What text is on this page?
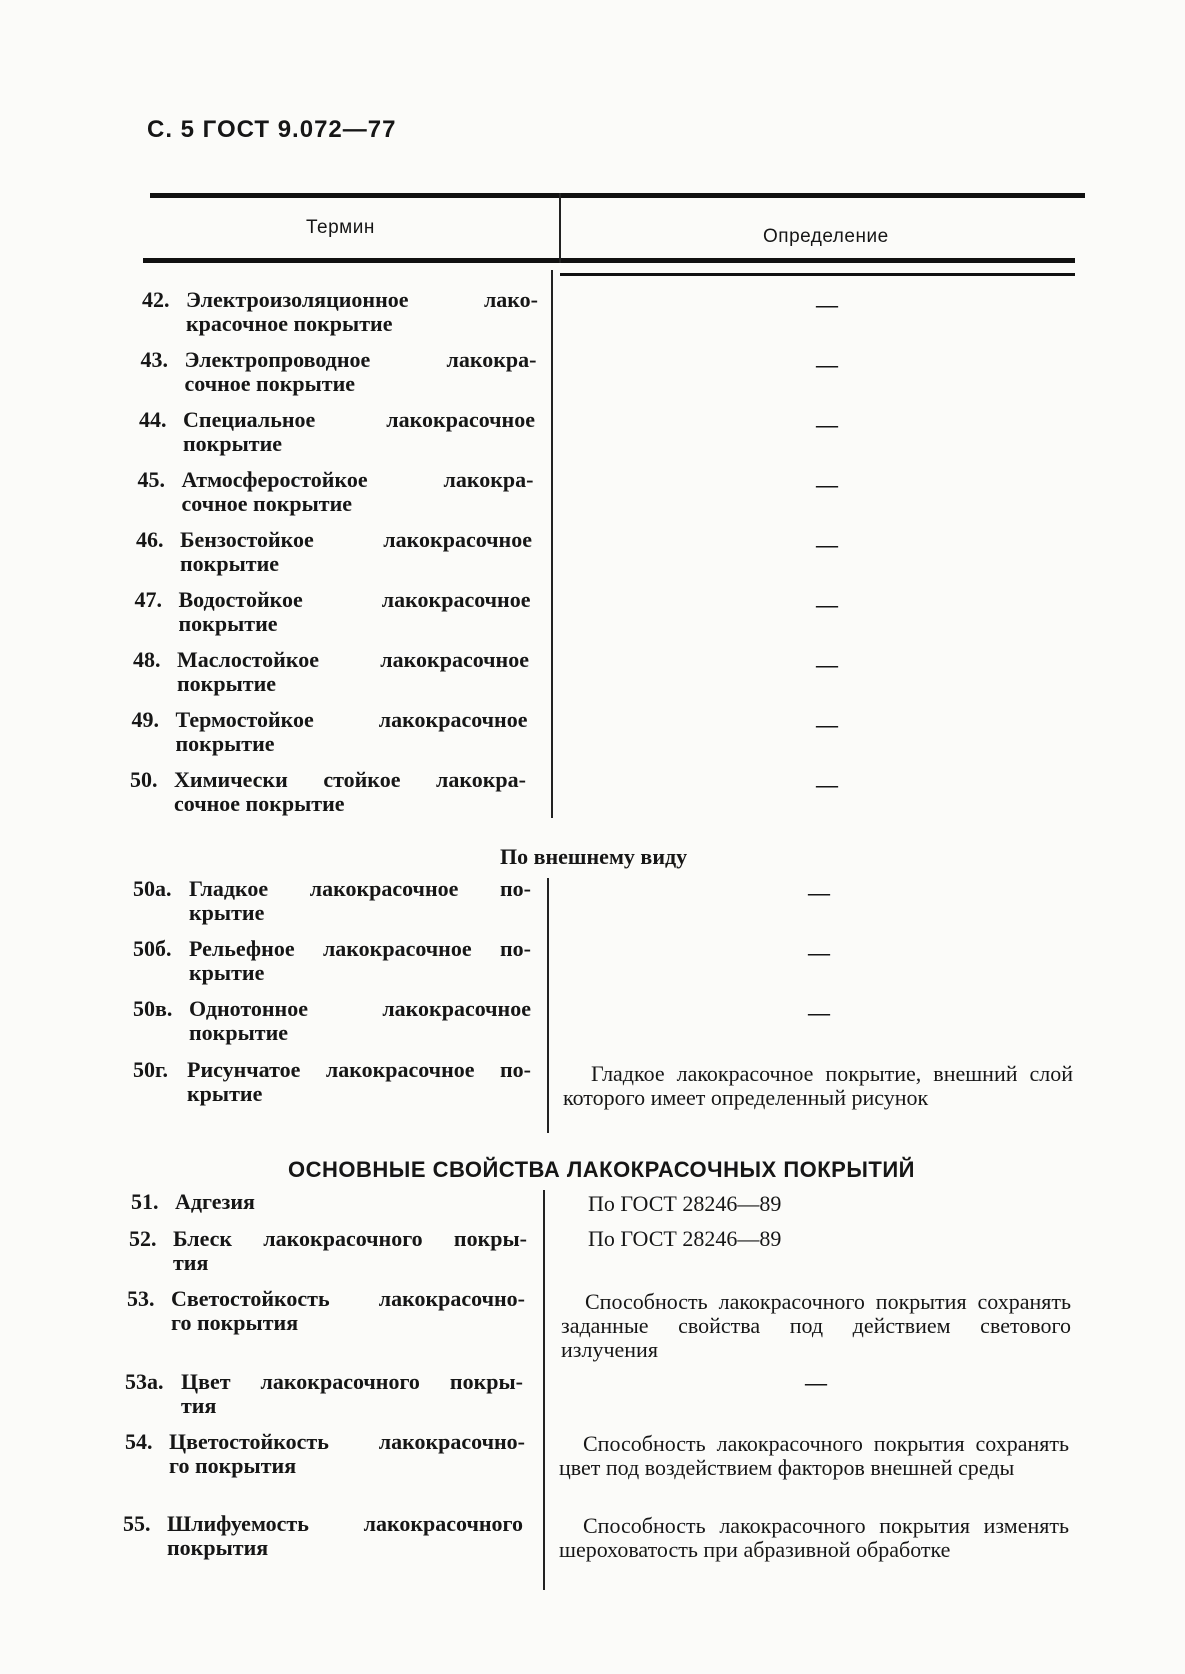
С. 5 ГОСТ 9.072—77
Термин	Определение
42. Электроизоляционное лако-
красочное покрытие
—
43. Электропроводное лакокра-
сочное покрытие
—
44. Специальное лакокрасочное
покрытие
—
45. Атмосферостойкое лакокра-
сочное покрытие
—
46. Бензостойкое лакокрасочное
покрытие
—
47. Водостойкое лакокрасочное
покрытие
—
48. Маслостойкое лакокрасочное
покрытие
—
49. Термостойкое лакокрасочное
покрытие
—
50. Химически стойкое лакокра-
сочное покрытие
—
По внешнему виду
50а. Гладкое лакокрасочное по-
крытие
—
50б. Рельефное лакокрасочное по-
крытие
—
50в. Однотонное лакокрасочное
покрытие
—
50г. Рисунчатое лакокрасочное по-
крытие
Гладкое лакокрасочное покрытие, внешний слой которого имеет определенный рисунок
ОСНОВНЫЕ СВОЙСТВА ЛАКОКРАСОЧНЫХ ПОКРЫТИЙ
51. Адгезия	По ГОСТ 28246—89
52. Блеск лакокрасочного покры-
тия
По ГОСТ 28246—89
53. Светостойкость лакокрасочно-
го покрытия
Способность лакокрасочного покрытия сохранять заданные свойства под действием светового излучения
53а. Цвет лакокрасочного покры-
тия
—
54. Цветостойкость лакокрасочно-
го покрытия
Способность лакокрасочного покрытия сохранять цвет под воздействием факторов внешней среды
55. Шлифуемость лакокрасочного
покрытия
Способность лакокрасочного покрытия изменять шероховатость при абразивной обработке
